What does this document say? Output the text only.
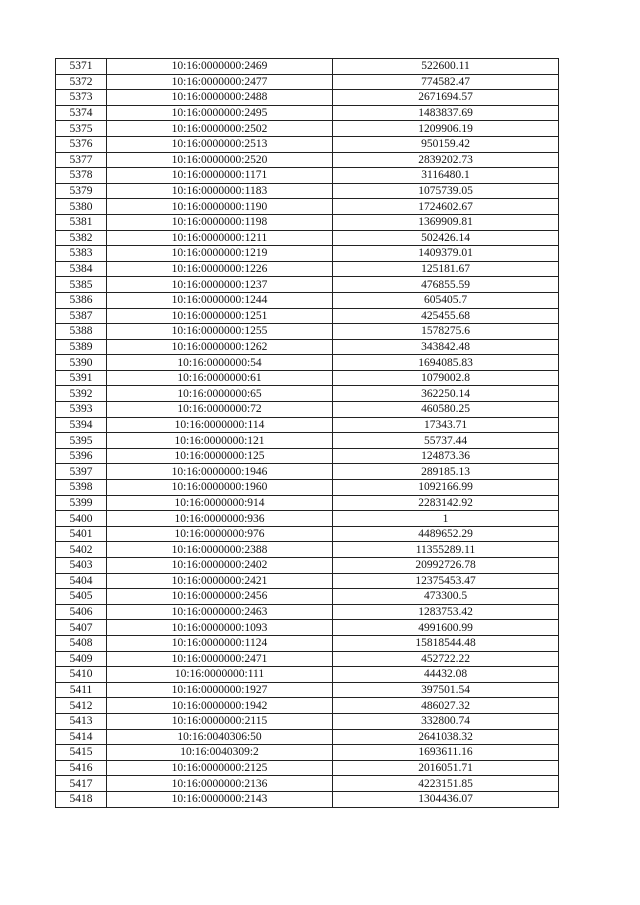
5371	10:16:0000000:2469	522600.11
5372	10:16:0000000:2477	774582.47
5373	10:16:0000000:2488	2671694.57
5374	10:16:0000000:2495	1483837.69
5375	10:16:0000000:2502	1209906.19
5376	10:16:0000000:2513	950159.42
5377	10:16:0000000:2520	2839202.73
5378	10:16:0000000:1171	3116480.1
5379	10:16:0000000:1183	1075739.05
5380	10:16:0000000:1190	1724602.67
5381	10:16:0000000:1198	1369909.81
5382	10:16:0000000:1211	502426.14
5383	10:16:0000000:1219	1409379.01
5384	10:16:0000000:1226	125181.67
5385	10:16:0000000:1237	476855.59
5386	10:16:0000000:1244	605405.7
5387	10:16:0000000:1251	425455.68
5388	10:16:0000000:1255	1578275.6
5389	10:16:0000000:1262	343842.48
5390	10:16:0000000:54	1694085.83
5391	10:16:0000000:61	1079002.8
5392	10:16:0000000:65	362250.14
5393	10:16:0000000:72	460580.25
5394	10:16:0000000:114	17343.71
5395	10:16:0000000:121	55737.44
5396	10:16:0000000:125	124873.36
5397	10:16:0000000:1946	289185.13
5398	10:16:0000000:1960	1092166.99
5399	10:16:0000000:914	2283142.92
5400	10:16:0000000:936	1
5401	10:16:0000000:976	4489652.29
5402	10:16:0000000:2388	11355289.11
5403	10:16:0000000:2402	20992726.78
5404	10:16:0000000:2421	12375453.47
5405	10:16:0000000:2456	473300.5
5406	10:16:0000000:2463	1283753.42
5407	10:16:0000000:1093	4991600.99
5408	10:16:0000000:1124	15818544.48
5409	10:16:0000000:2471	452722.22
5410	10:16:0000000:111	44432.08
5411	10:16:0000000:1927	397501.54
5412	10:16:0000000:1942	486027.32
5413	10:16:0000000:2115	332800.74
5414	10:16:0040306:50	2641038.32
5415	10:16:0040309:2	1693611.16
5416	10:16:0000000:2125	2016051.71
5417	10:16:0000000:2136	4223151.85
5418	10:16:0000000:2143	1304436.07
